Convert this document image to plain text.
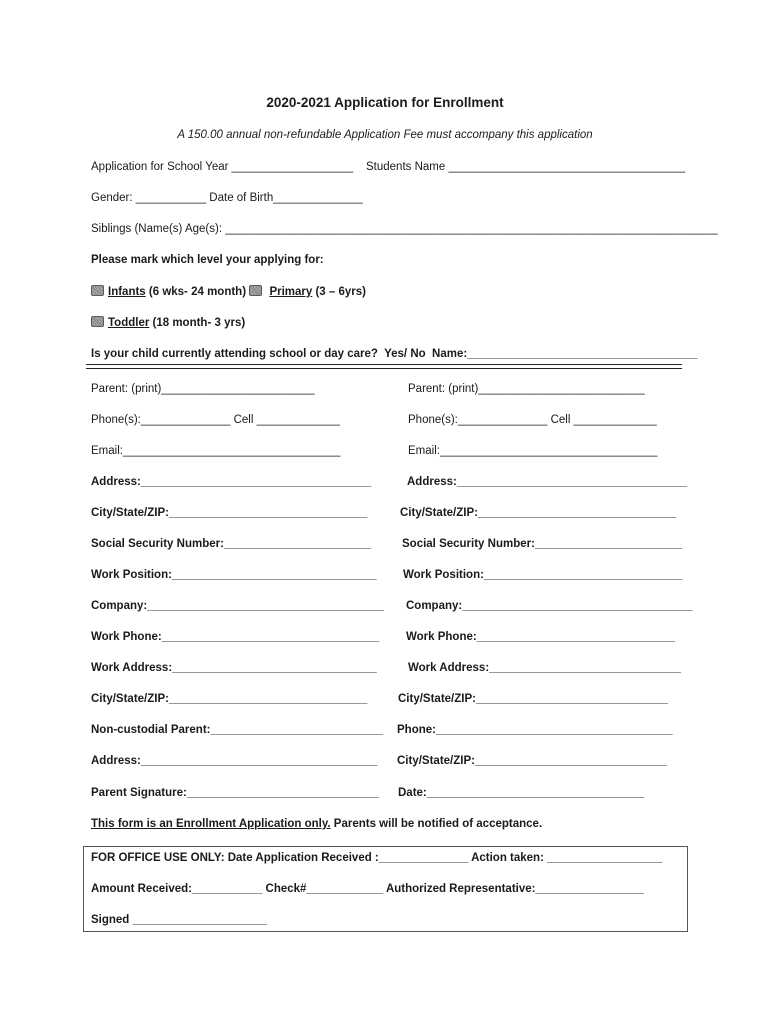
2020-2021 Application for Enrollment
A 150.00 annual non-refundable Application Fee must accompany this application
Application for School Year ___________________ Students Name _____________________________________
Gender: ___________ Date of Birth______________
Siblings (Name(s) Age(s): _____________________________________________________________________________
Please mark which level your applying for:
Infants (6 wks- 24 month) Primary (3 – 6yrs)
Toddler (18 month- 3 yrs)
Is your child currently attending school or day care?  Yes/ No  Name:____________________________________
Parent: (print)________________________	Parent: (print)__________________________
Phone(s):______________ Cell _____________	Phone(s):______________ Cell _____________
Email:__________________________________	Email:__________________________________
Address:____________________________________	Address:____________________________________
City/State/ZIP:_______________________________	City/State/ZIP:_______________________________
Social Security Number:_______________________	Social Security Number:_______________________
Work Position:________________________________ Work Position:_______________________________
Company:_____________________________________ Company:____________________________________
Work Phone:__________________________________ Work Phone:_______________________________
Work Address:________________________________	Work Address:______________________________
City/State/ZIP:_______________________________	City/State/ZIP:______________________________
Non-custodial Parent:___________________________ Phone:_____________________________________
Address:_____________________________________ City/State/ZIP:______________________________
Parent Signature:______________________________ Date:__________________________________
This form is an Enrollment Application only. Parents will be notified of acceptance.
FOR OFFICE USE ONLY: Date Application Received :______________ Action taken: __________________
Amount Received:___________ Check#____________ Authorized Representative:_________________
Signed _____________________
